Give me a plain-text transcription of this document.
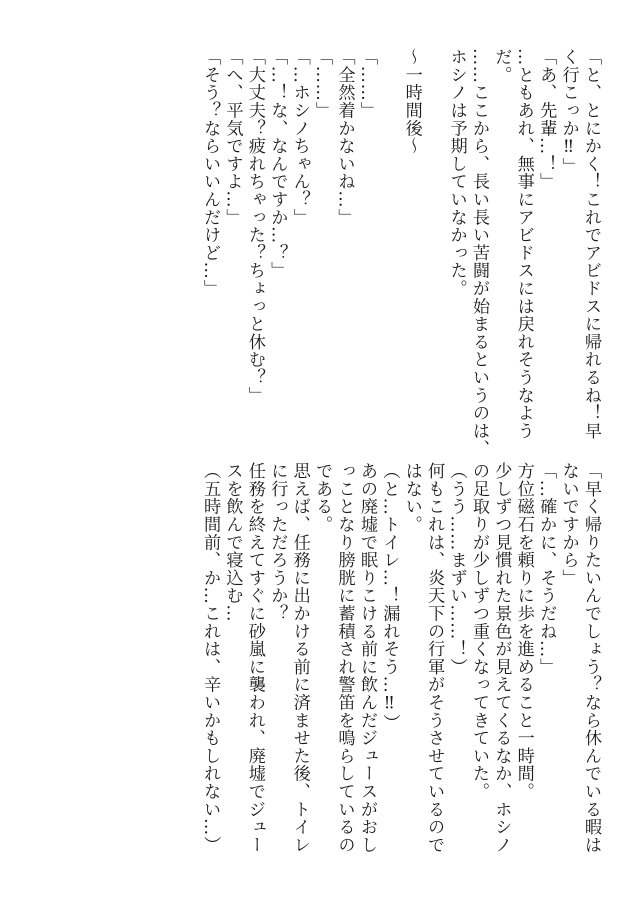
「と、とにかく！これでアビドスに帰れるね！早
く行こっか‼」
「あ、先輩…！」
…ともあれ、無事にアビドスには戻れそうなよう
だ。
……ここから、長い長い苦闘が始まるというのは、
ホシノは予期していなかった。

〜一時間後〜

「……」
「全然着かないね…」
「……」
「…ホシノちゃん？」
「…！な、なんですか…？」
「大丈夫？疲れちゃった？ちょっと休む？」
「へ、平気ですよ…」
「そう？ならいいんだけど…」
「早く帰りたいんでしょう？なら休んでいる暇は
ないですから」
「…確かに、そうだね…」
方位磁石を頼りに歩を進めること一時間。
少しずつ見慣れた景色が見えてくるなか、ホシノ
の足取りが少しずつ重くなってきていた。
（うう……まずい……！）
何もこれは、炎天下の行軍がそうさせているので
はない。
（と…トイレ…！漏れそう…‼）
あの廃墟で眠りこける前に飲んだジュースがおし
っことなり膀胱に蓄積され警笛を鳴らしているの
である。
思えば、任務に出かける前に済ませた後、トイレ
に行っただろうか？
任務を終えてすぐに砂嵐に襲われ、廃墟でジュー
スを飲んで寝込む…
（五時間前、か…これは、辛いかもしれない…）
